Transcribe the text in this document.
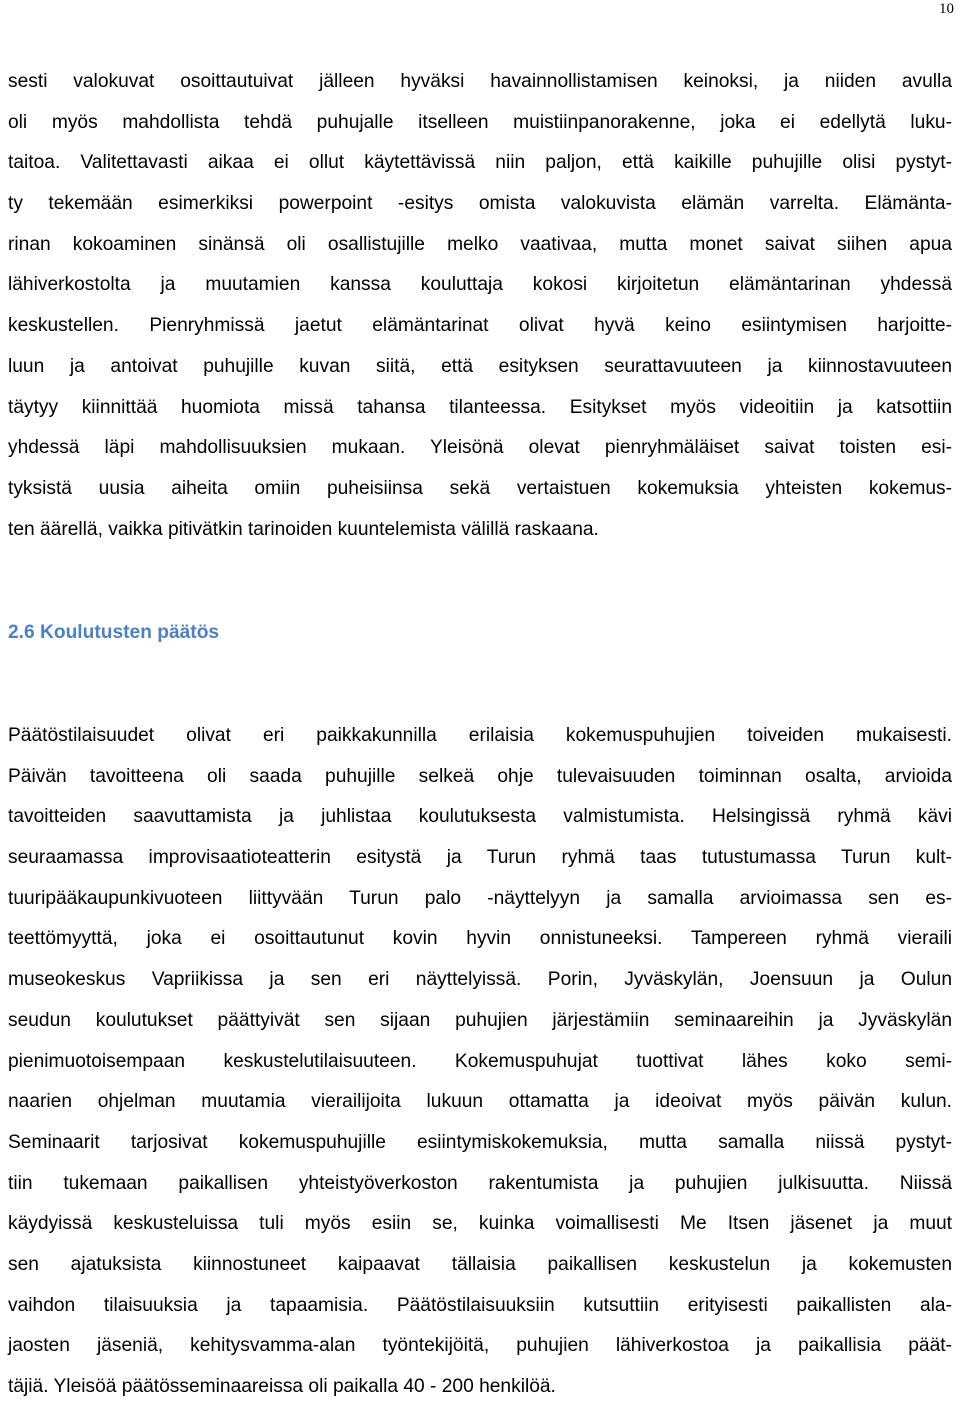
10
sesti valokuvat osoittautuivat jälleen hyväksi havainnollistamisen keinoksi, ja niiden avulla
oli myös mahdollista tehdä puhujalle itselleen muistiinpanorakenne, joka ei edellytä luku-
taitoa. Valitettavasti aikaa ei ollut käytettävissä niin paljon, että kaikille puhujille olisi pystyt-
ty tekemään esimerkiksi powerpoint -esitys omista valokuvista elämän varrelta. Elämänta-
rinan kokoaminen sinänsä oli osallistujille melko vaativaa, mutta monet saivat siihen apua
lähiverkostolta ja muutamien kanssa kouluttaja kokosi kirjoitetun elämäntarinan yhdessä
keskustellen. Pienryhmissä jaetut elämäntarinat olivat hyvä keino esiintymisen harjoitte-
luun ja antoivat puhujille kuvan siitä, että esityksen seurattavuuteen ja kiinnostavuuteen
täytyy kiinnittää huomiota missä tahansa tilanteessa. Esitykset myös videoitiin ja katsottiin
yhdessä läpi mahdollisuuksien mukaan. Yleisönä olevat pienryhmäläiset saivat toisten esi-
tyksistä uusia aiheita omiin puheisiinsa sekä vertaistuen kokemuksia yhteisten kokemus-
ten äärellä, vaikka pitivätkin tarinoiden kuuntelemista välillä raskaana.
2.6 Koulutusten päätös
Päätöstilaisuudet olivat eri paikkakunnilla erilaisia kokemuspuhujien toiveiden mukaisesti.
Päivän tavoitteena oli saada puhujille selkeä ohje tulevaisuuden toiminnan osalta, arvioida
tavoitteiden saavuttamista ja juhlistaa koulutuksesta valmistumista. Helsingissä ryhmä kävi
seuraamassa improvisaatioteatterin esitystä ja Turun ryhmä taas tutustumassa Turun kult-
tuuripääkaupunkivuoteen liittyvään Turun palo -näyttelyyn ja samalla arvioimassa sen es-
teettömyyttä, joka ei osoittautunut kovin hyvin onnistuneeksi. Tampereen ryhmä vieraili
museokeskus Vapriikissa ja sen eri näyttelyissä. Porin, Jyväskylän, Joensuun ja Oulun
seudun koulutukset päättyivät sen sijaan puhujien järjestämiin seminaareihin ja Jyväskylän
pienimuotoisempaan keskustelutilaisuuteen. Kokemuspuhujat tuottivat lähes koko semi-
naarien ohjelman muutamia vierailijoita lukuun ottamatta ja ideoivat myös päivän kulun.
Seminaarit tarjosivat kokemuspuhujille esiintymiskokemuksia, mutta samalla niissä pystyt-
tiin tukemaan paikallisen yhteistyöverkoston rakentumista ja puhujien julkisuutta. Niissä
käydyissä keskusteluissa tuli myös esiin se, kuinka voimallisesti Me Itsen jäsenet ja muut
sen ajatuksista kiinnostuneet kaipaavat tällaisia paikallisen keskustelun ja kokemusten
vaihdon tilaisuuksia ja tapaamisia. Päätöstilaisuuksiin kutsuttiin erityisesti paikallisten ala-
jaosten jäseniä, kehitysvamma-alan työntekijöitä, puhujien lähiverkostoa ja paikallisia päät-
täjiä. Yleisöä päätösseminaareissa oli paikalla 40 - 200 henkilöä.
